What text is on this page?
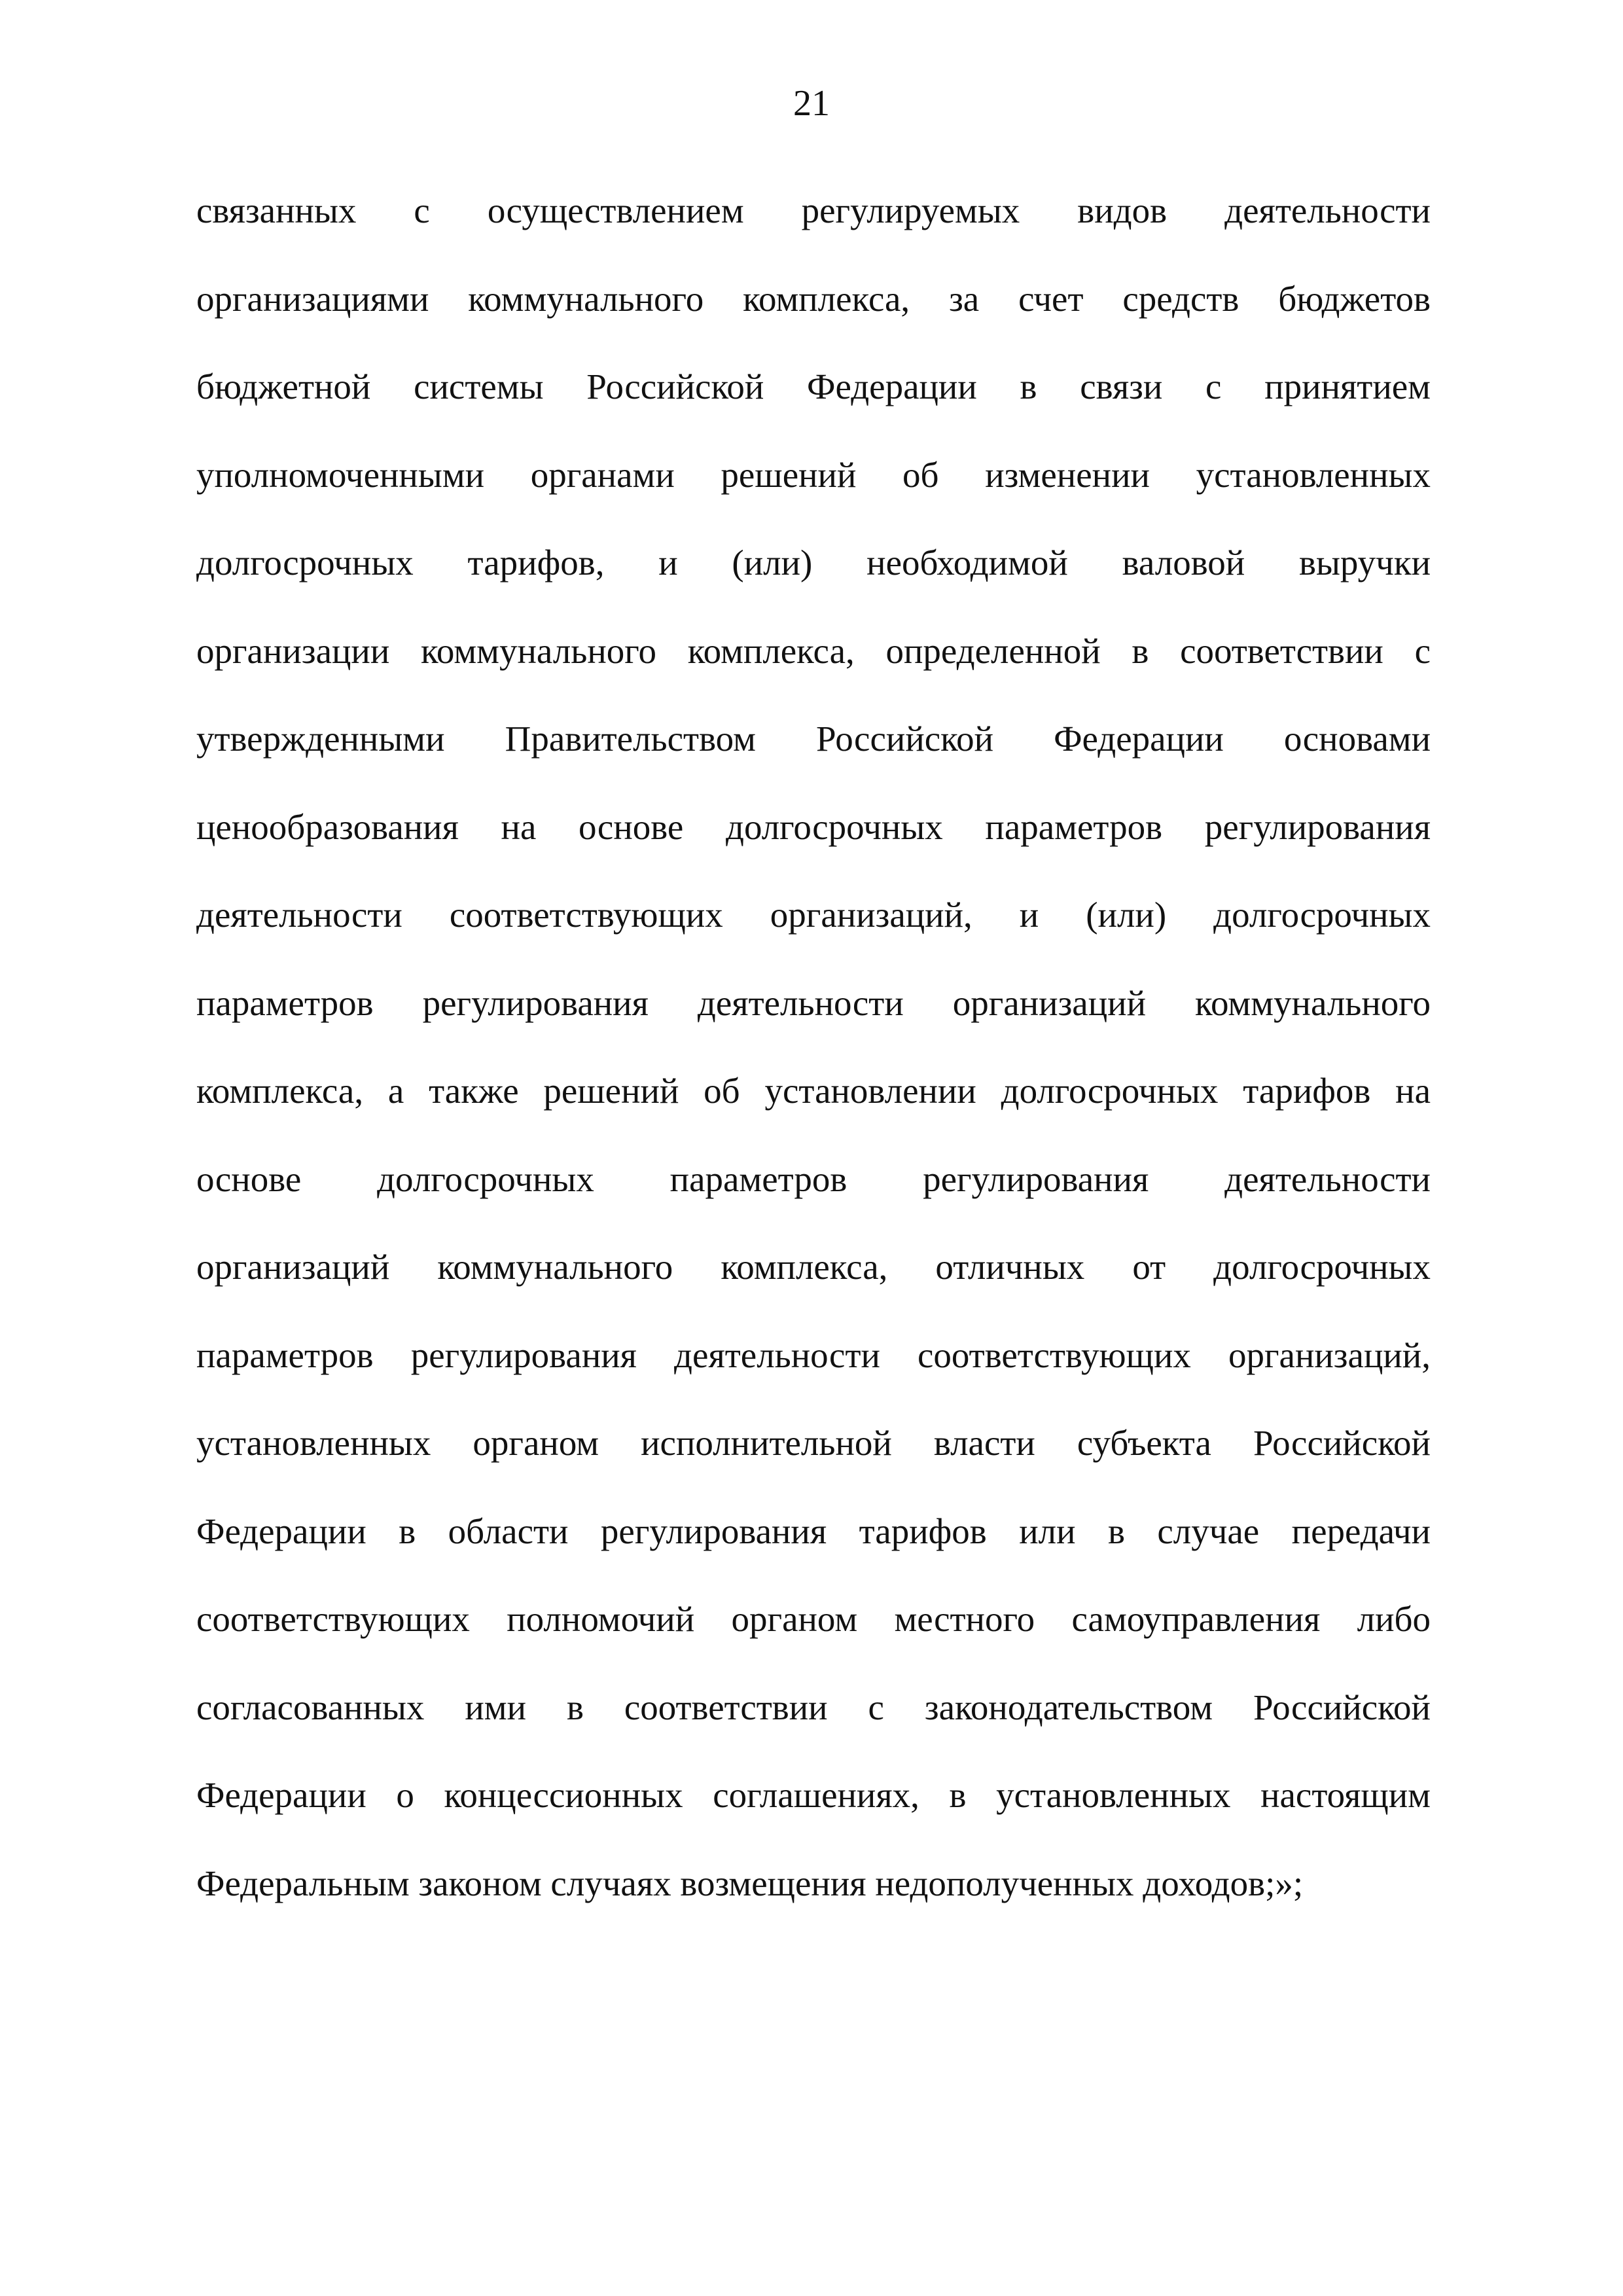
21
связанных с осуществлением регулируемых видов деятельности
организациями коммунального комплекса, за счет средств бюджетов
бюджетной системы Российской Федерации в связи с принятием
уполномоченными органами решений об изменении установленных
долгосрочных тарифов, и (или) необходимой валовой выручки
организации коммунального комплекса, определенной в соответствии с
утвержденными Правительством Российской Федерации основами
ценообразования на основе долгосрочных параметров регулирования
деятельности соответствующих организаций, и (или) долгосрочных
параметров регулирования деятельности организаций коммунального
комплекса, а также решений об установлении долгосрочных тарифов на
основе долгосрочных параметров регулирования деятельности
организаций коммунального комплекса, отличных от долгосрочных
параметров регулирования деятельности соответствующих организаций,
установленных органом исполнительной власти субъекта Российской
Федерации в области регулирования тарифов или в случае передачи
соответствующих полномочий органом местного самоуправления либо
согласованных ими в соответствии с законодательством Российской
Федерации о концессионных соглашениях, в установленных настоящим
Федеральным законом случаях возмещения недополученных доходов;»;
